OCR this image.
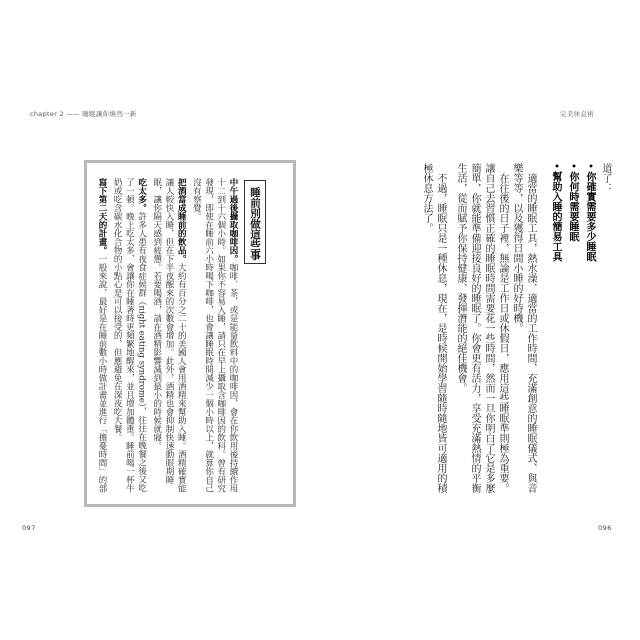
chapter 2 —— 睡眠讓你煥然一新
睡前別做這些事

中午過後攝取咖啡因。咖啡、茶，或是能量飲料中的咖啡因，會在你飲用後持續作用十二到十六個小時。如果你不容易入睡，請只在早上攝取含咖啡因的飲料。曾有研究發現，即使在睡前六小時喝下咖啡，也會讓睡眠時間減少一個小時以上，就算你自己沒有察覺。

把酒當成睡前的飲品。大約有百分之二十的美國人會用酒精來幫助入睡。酒精確實能讓人較快入睡，但在下半夜醒來的次數會增加。此外，酒精也會抑制快速動眼期睡眠，讓你隔天感到疲憊。若要喝酒，請在酒精影響減到最小的時候就寢。

吃太多。許多人患有夜食症候群（night eating syndrome），往往在晚餐之後又吃了一頓。晚上吃太多，會讓你在睡著時更頻繁地醒來，並且增加體重。睡前喝一杯牛奶或吃含碳水化合物的小點心是可以接受的，但應避免在深夜吃大餐。

寫下第二天的計畫。一般來說，最好是在睡前數小時做計畫並進行「擔憂時間」的部

097
完美休息術

道了：

• 你確實需要多少睡眠

• 你何時需要睡眠

• 幫助入睡的簡易工具

適當的睡眠工具，熱水澡、適當的工作時間、充滿創意的睡眠儀式、與音樂等等，以及獲得日間小睡的好時機。

在往後的日子裡，無論是工作日或休假日，應用這些睡眠準則極為重要。讓自己去習慣正確的睡眠時間需要花一些時間，然而一旦你明白了它是多麼簡單，你就能準備迎接良好的睡眠了。你會更有活力，享受充滿熱情的平衡生活，從而賦予你保持健康、發揮潛能的絕佳機會。

不過，睡眠只是一種休息，現在，是時候開始學習隨時隨地皆可適用的積極休息方法了。

096
